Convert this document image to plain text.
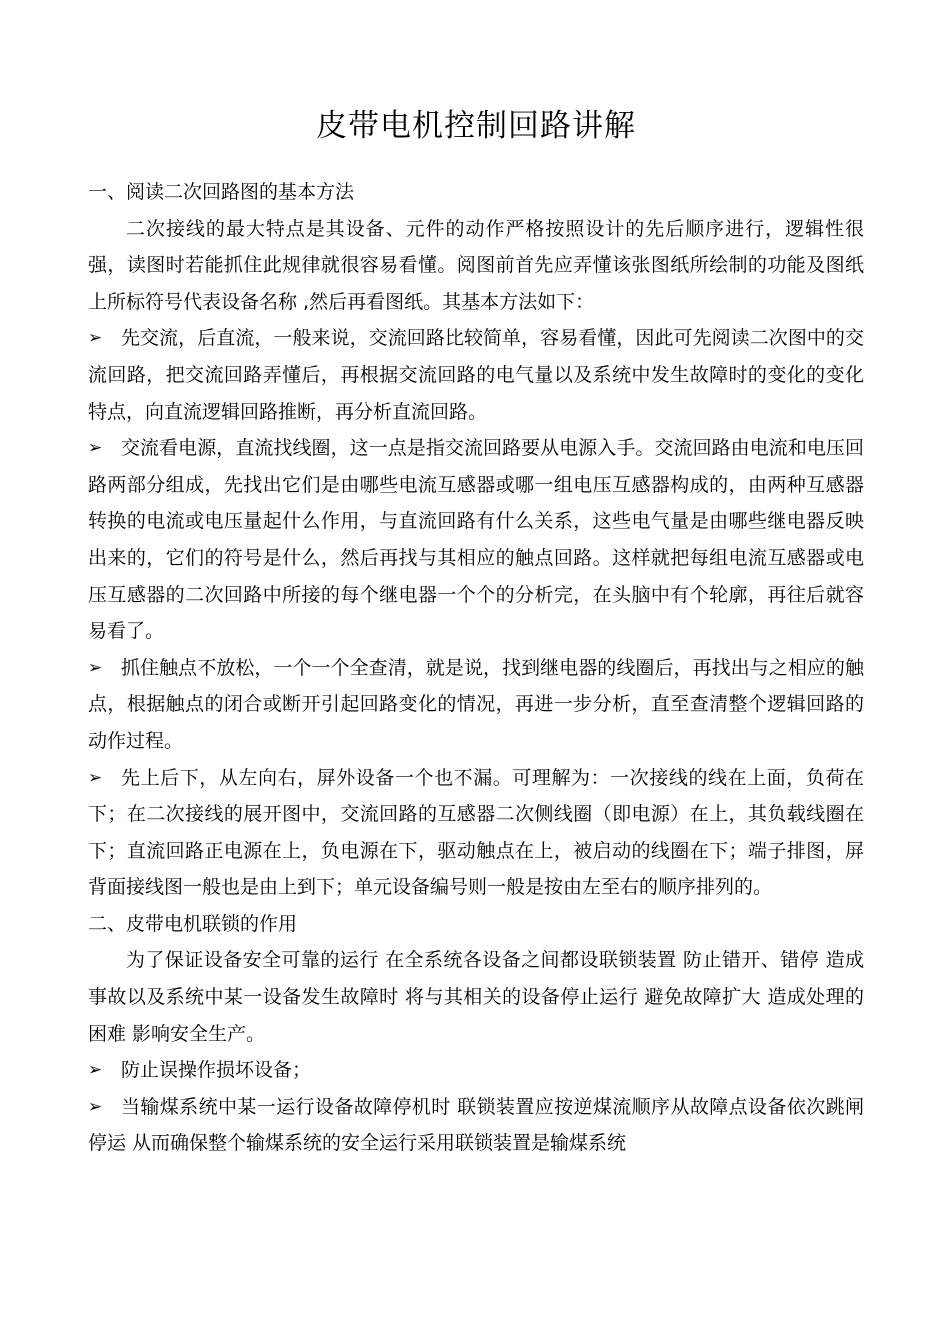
皮带电机控制回路讲解

一、阅读二次回路图的基本方法

二次接线的最大特点是其设备、元件的动作严格按照设计的先后顺序进行，逻辑性很强，读图时若能抓住此规律就很容易看懂。阅图前首先应弄懂该张图纸所绘制的功能及图纸上所标符号代表设备名称 ,然后再看图纸。其基本方法如下：

➢ 先交流，后直流，一般来说，交流回路比较简单，容易看懂，因此可先阅读二次图中的交流回路，把交流回路弄懂后，再根据交流回路的电气量以及系统中发生故障时的变化的变化特点，向直流逻辑回路推断，再分析直流回路。
➢ 交流看电源，直流找线圈，这一点是指交流回路要从电源入手。交流回路由电流和电压回路两部分组成，先找出它们是由哪些电流互感器或哪一组电压互感器构成的，由两种互感器转换的电流或电压量起什么作用，与直流回路有什么关系，这些电气量是由哪些继电器反映出来的，它们的符号是什么，然后再找与其相应的触点回路。这样就把每组电流互感器或电压互感器的二次回路中所接的每个继电器一个个的分析完，在头脑中有个轮廓，再往后就容易看了。
➢ 抓住触点不放松，一个一个全查清，就是说，找到继电器的线圈后，再找出与之相应的触点，根据触点的闭合或断开引起回路变化的情况，再进一步分析，直至查清整个逻辑回路的动作过程。
➢ 先上后下，从左向右，屏外设备一个也不漏。可理解为：一次接线的线在上面，负荷在下；在二次接线的展开图中，交流回路的互感器二次侧线圈（即电源）在上，其负载线圈在下；直流回路正电源在上，负电源在下，驱动触点在上，被启动的线圈在下；端子排图，屏背面接线图一般也是由上到下；单元设备编号则一般是按由左至右的顺序排列的。

二、皮带电机联锁的作用

为了保证设备安全可靠的运行 在全系统各设备之间都设联锁装置 防止错开、错停 造成事故以及系统中某一设备发生故障时 将与其相关的设备停止运行 避免故障扩大 造成处理的困难 影响安全生产。

➢ 防止误操作损坏设备；
➢ 当输煤系统中某一运行设备故障停机时 联锁装置应按逆煤流顺序从故障点设备依次跳闸停运 从而确保整个输煤系统的安全运行采用联锁装置是输煤系统
